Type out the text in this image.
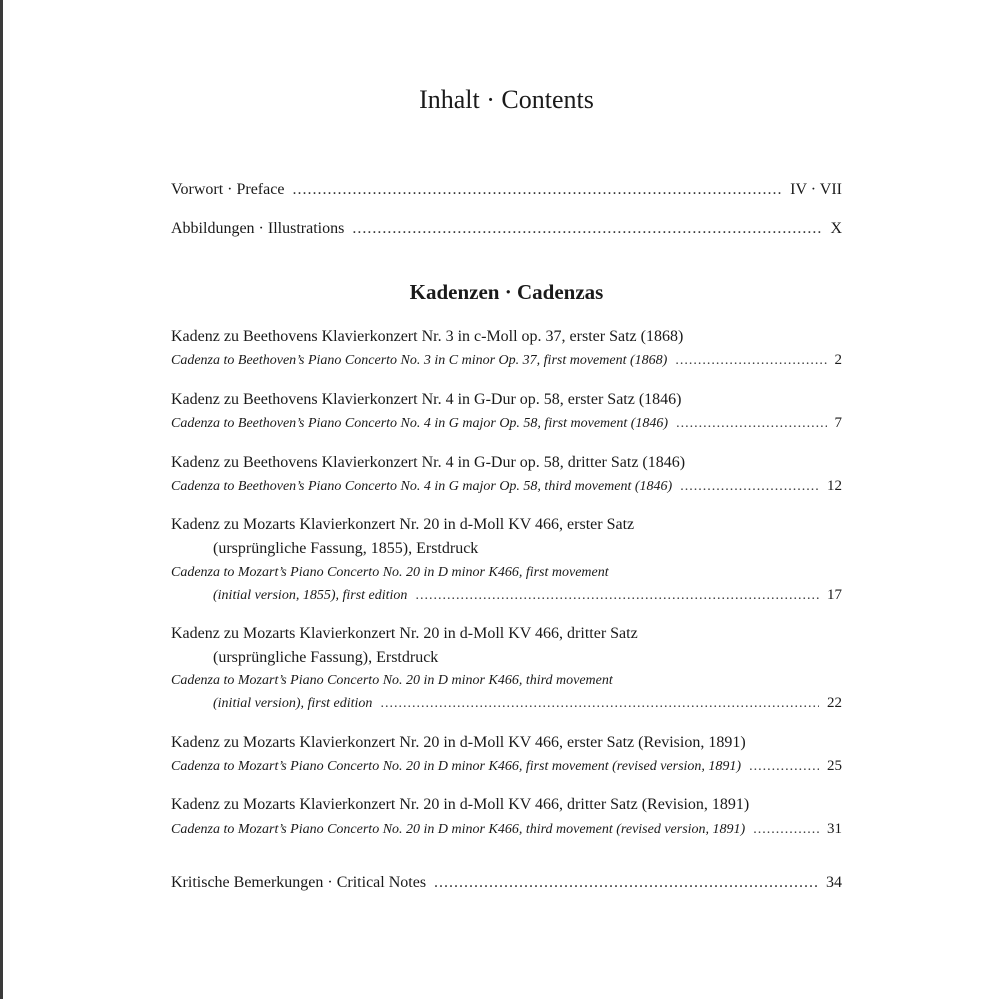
Inhalt · Contents
Vorwort · Preface .....	IV · VII
Abbildungen · Illustrations .....	X
Kadenzen · Cadenzas
Kadenz zu Beethovens Klavierkonzert Nr. 3 in c-Moll op. 37, erster Satz (1868)
Cadenza to Beethoven’s Piano Concerto No. 3 in C minor Op. 37, first movement (1868) .....	2
Kadenz zu Beethovens Klavierkonzert Nr. 4 in G-Dur op. 58, erster Satz (1846)
Cadenza to Beethoven’s Piano Concerto No. 4 in G major Op. 58, first movement (1846) .....	7
Kadenz zu Beethovens Klavierkonzert Nr. 4 in G-Dur op. 58, dritter Satz (1846)
Cadenza to Beethoven’s Piano Concerto No. 4 in G major Op. 58, third movement (1846) .....	12
Kadenz zu Mozarts Klavierkonzert Nr. 20 in d-Moll KV 466, erster Satz
(ursprüngliche Fassung, 1855), Erstdruck
Cadenza to Mozart’s Piano Concerto No. 20 in D minor K466, first movement
(initial version, 1855), first edition .....	17
Kadenz zu Mozarts Klavierkonzert Nr. 20 in d-Moll KV 466, dritter Satz
(ursprüngliche Fassung), Erstdruck
Cadenza to Mozart’s Piano Concerto No. 20 in D minor K466, third movement
(initial version), first edition .....	22
Kadenz zu Mozarts Klavierkonzert Nr. 20 in d-Moll KV 466, erster Satz (Revision, 1891)
Cadenza to Mozart’s Piano Concerto No. 20 in D minor K466, first movement (revised version, 1891) .....	25
Kadenz zu Mozarts Klavierkonzert Nr. 20 in d-Moll KV 466, dritter Satz (Revision, 1891)
Cadenza to Mozart’s Piano Concerto No. 20 in D minor K466, third movement (revised version, 1891) .....	31
Kritische Bemerkungen · Critical Notes .....	34
